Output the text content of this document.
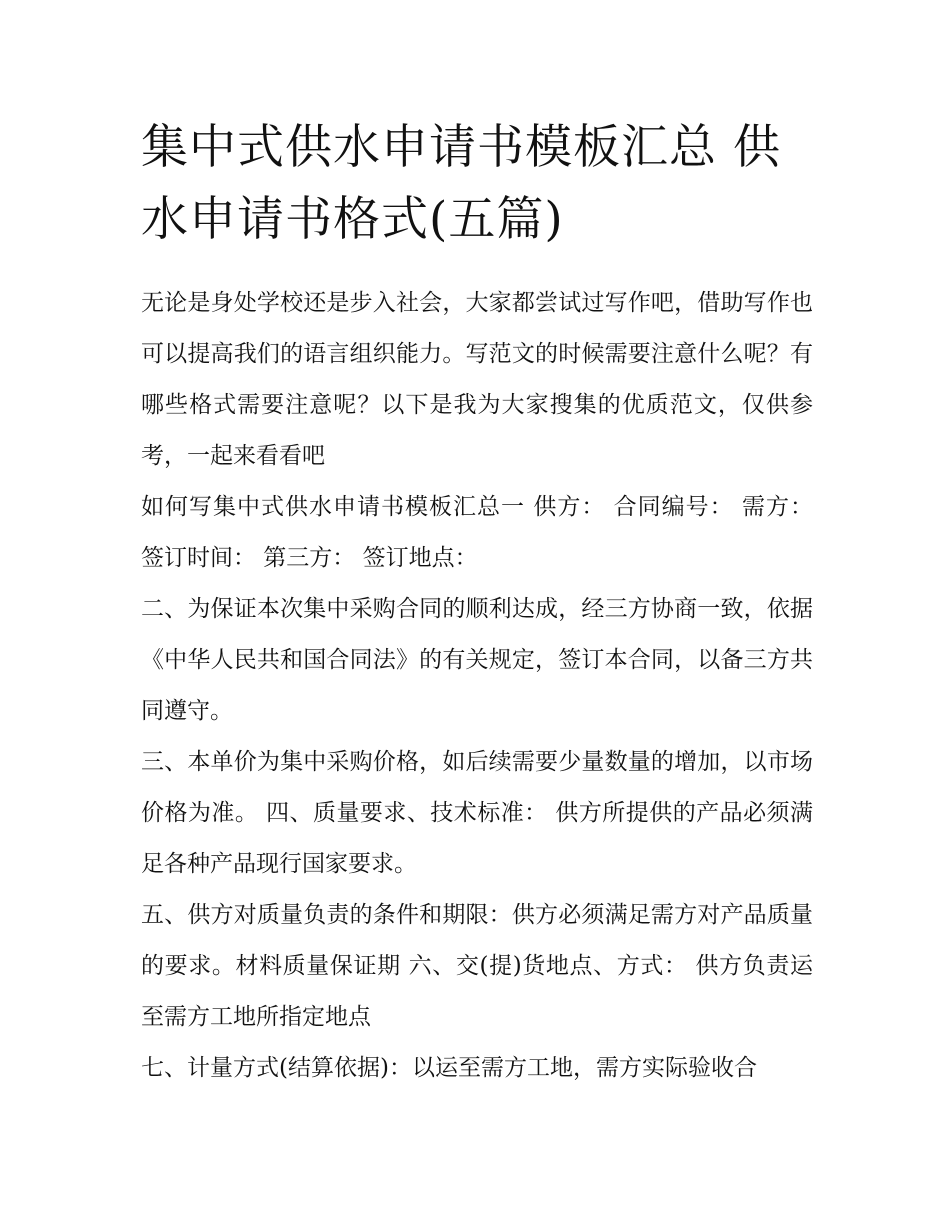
集中式供水申请书模板汇总 供水申请书格式(五篇)

无论是身处学校还是步入社会，大家都尝试过写作吧，借助写作也可以提高我们的语言组织能力。写范文的时候需要注意什么呢？有哪些格式需要注意呢？以下是我为大家搜集的优质范文，仅供参考，一起来看看吧

如何写集中式供水申请书模板汇总一 供方： 合同编号： 需方： 签订时间： 第三方： 签订地点：

二、为保证本次集中采购合同的顺利达成，经三方协商一致，依据《中华人民共和国合同法》的有关规定，签订本合同，以备三方共同遵守。

三、本单价为集中采购价格，如后续需要少量数量的增加，以市场价格为准。 四、质量要求、技术标准： 供方所提供的产品必须满足各种产品现行国家要求。

五、供方对质量负责的条件和期限：供方必须满足需方对产品质量的要求。材料质量保证期 六、交(提)货地点、方式： 供方负责运至需方工地所指定地点

七、计量方式(结算依据)：以运至需方工地，需方实际验收合
